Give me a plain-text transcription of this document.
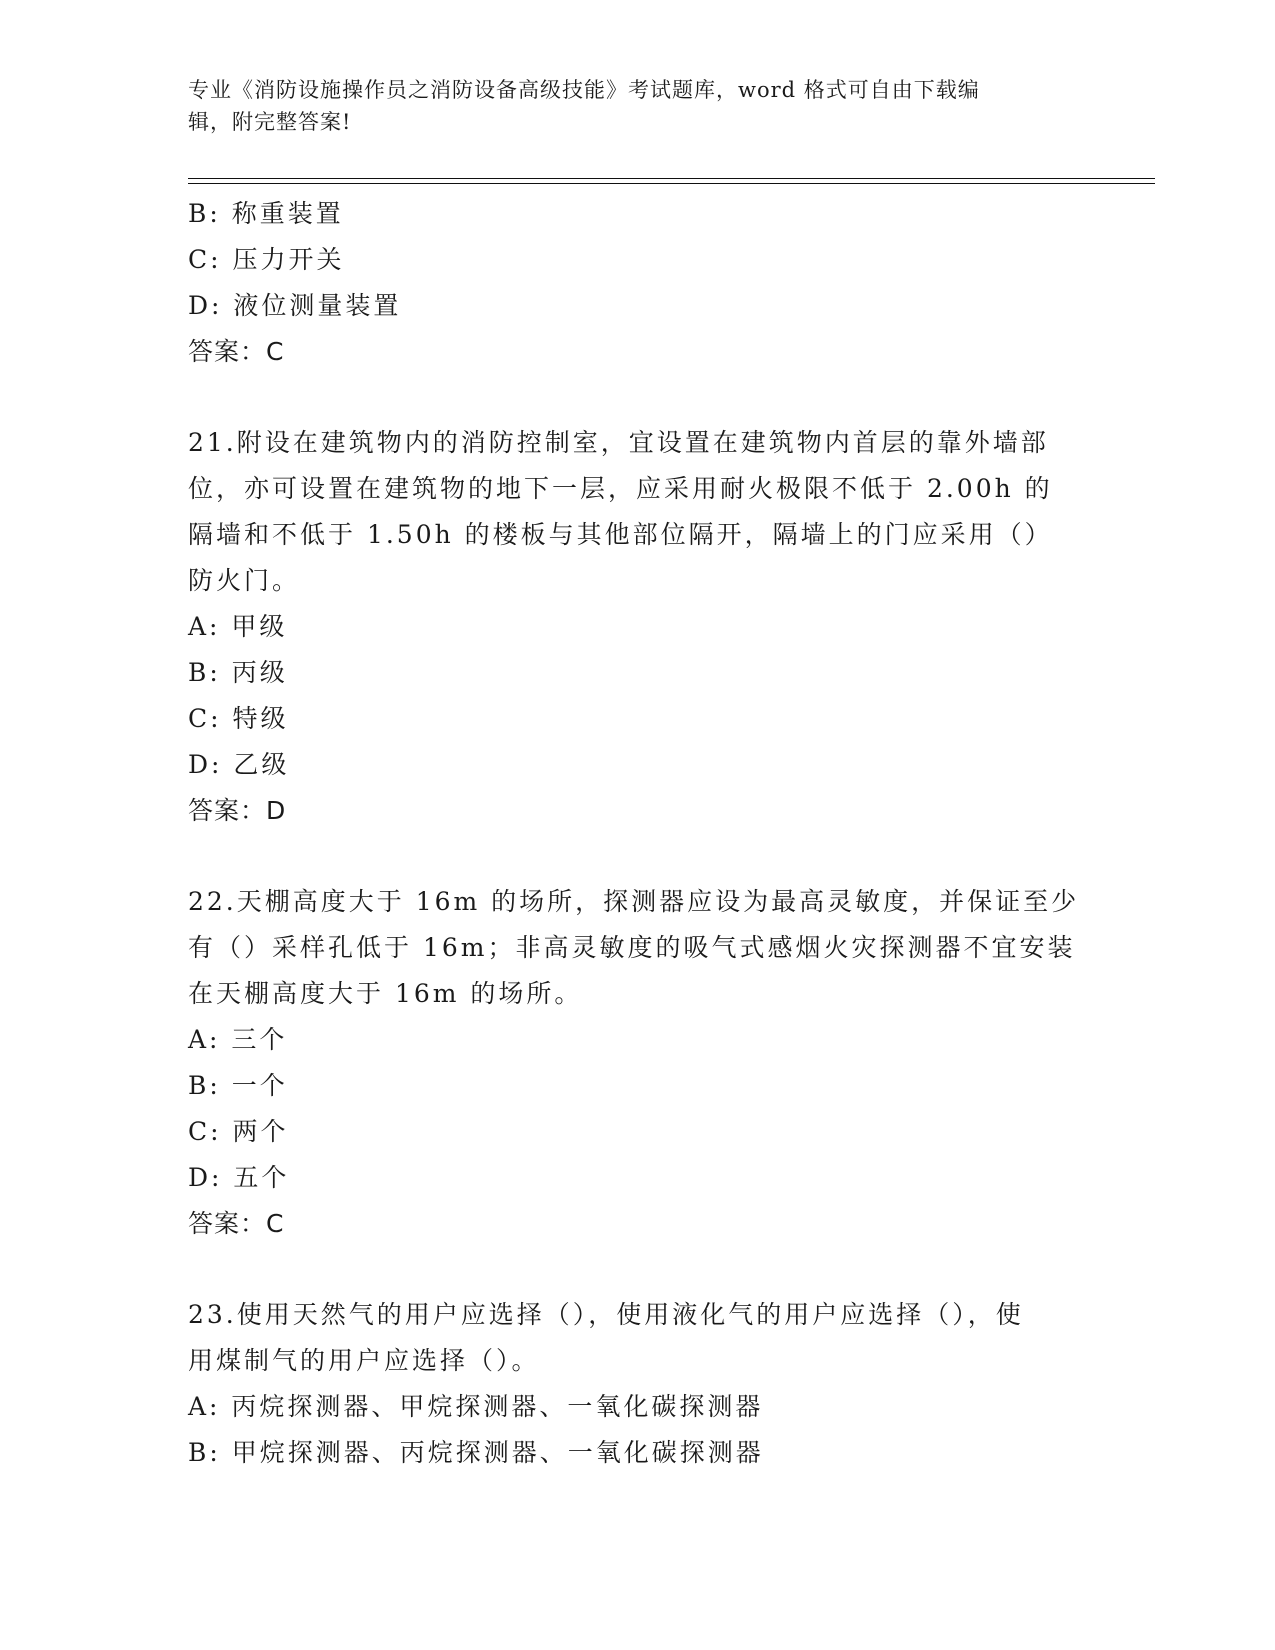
专业《消防设施操作员之消防设备高级技能》考试题库，word 格式可自由下载编
辑，附完整答案!
B: 称重装置
C: 压力开关
D: 液位测量装置
答案：C
21.附设在建筑物内的消防控制室，宜设置在建筑物内首层的靠外墙部
位，亦可设置在建筑物的地下一层，应采用耐火极限不低于 2.00h 的
隔墙和不低于 1.50h 的楼板与其他部位隔开，隔墙上的门应采用（）
防火门。
A: 甲级
B: 丙级
C: 特级
D: 乙级
答案：D
22.天棚高度大于 16m 的场所，探测器应设为最高灵敏度，并保证至少
有（）采样孔低于 16m；非高灵敏度的吸气式感烟火灾探测器不宜安装
在天棚高度大于 16m 的场所。
A: 三个
B: 一个
C: 两个
D: 五个
答案：C
23.使用天然气的用户应选择（），使用液化气的用户应选择（），使
用煤制气的用户应选择（）。
A: 丙烷探测器、甲烷探测器、一氧化碳探测器
B: 甲烷探测器、丙烷探测器、一氧化碳探测器
